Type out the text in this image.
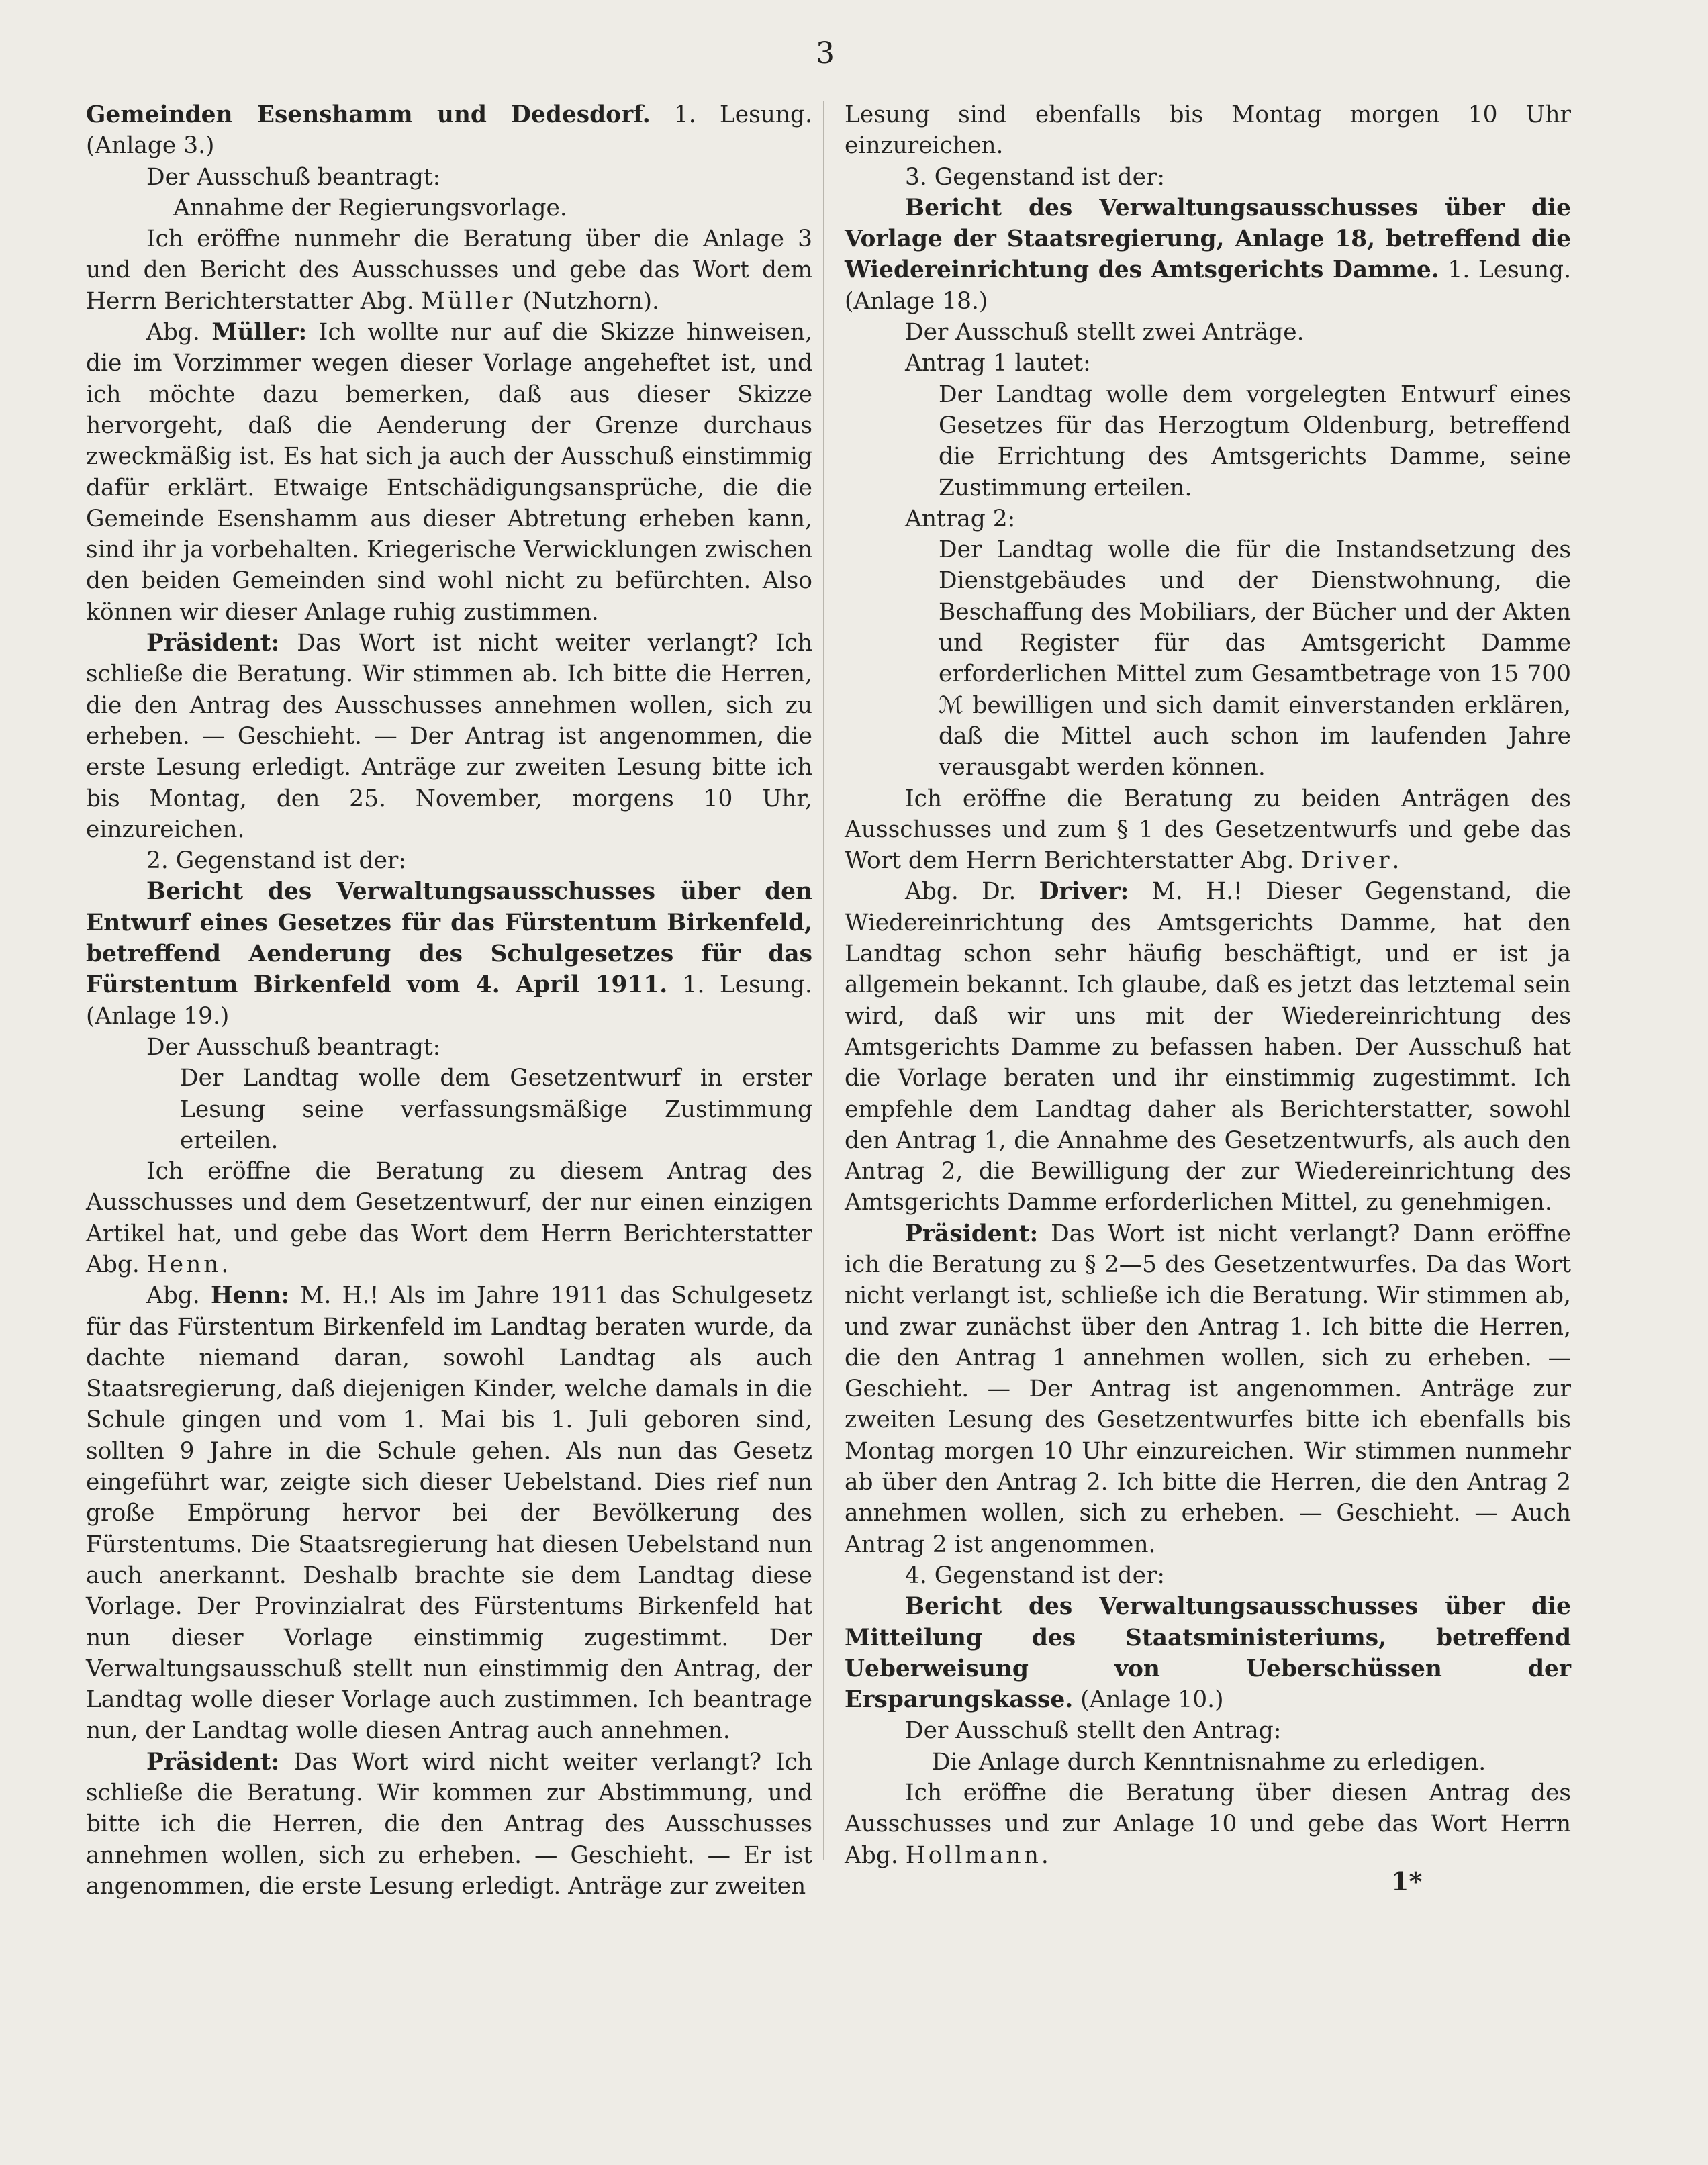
3

Gemeinden Esenshamm und Dedesdorf. 1. Lesung. (Anlage 3.)

Der Ausschuß beantragt:

Annahme der Regierungsvorlage.

Ich eröffne nunmehr die Beratung über die Anlage 3 und den Bericht des Ausschusses und gebe das Wort dem Herrn Berichterstatter Abg. Müller (Nutzhorn).

Abg. Müller: Ich wollte nur auf die Skizze hinweisen, die im Vorzimmer wegen dieser Vorlage angeheftet ist, und ich möchte dazu bemerken, daß aus dieser Skizze hervorgeht, daß die Aenderung der Grenze durchaus zweckmäßig ist. Es hat sich ja auch der Ausschuß einstimmig dafür erklärt. Etwaige Entschädigungsansprüche, die die Gemeinde Esenshamm aus dieser Abtretung erheben kann, sind ihr ja vorbehalten. Kriegerische Verwicklungen zwischen den beiden Gemeinden sind wohl nicht zu befürchten. Also können wir dieser Anlage ruhig zustimmen.

Präsident: Das Wort ist nicht weiter verlangt? Ich schließe die Beratung. Wir stimmen ab. Ich bitte die Herren, die den Antrag des Ausschusses annehmen wollen, sich zu erheben. — Geschieht. — Der Antrag ist angenommen, die erste Lesung erledigt. Anträge zur zweiten Lesung bitte ich bis Montag, den 25. November, morgens 10 Uhr, einzureichen.

2. Gegenstand ist der:

Bericht des Verwaltungsausschusses über den Entwurf eines Gesetzes für das Fürstentum Birkenfeld, betreffend Aenderung des Schulgesetzes für das Fürstentum Birkenfeld vom 4. April 1911. 1. Lesung. (Anlage 19.)

Der Ausschuß beantragt:

Der Landtag wolle dem Gesetzentwurf in erster Lesung seine verfassungsmäßige Zustimmung erteilen.

Ich eröffne die Beratung zu diesem Antrag des Ausschusses und dem Gesetzentwurf, der nur einen einzigen Artikel hat, und gebe das Wort dem Herrn Berichterstatter Abg. Henn.

Abg. Henn: M. H.! Als im Jahre 1911 das Schulgesetz für das Fürstentum Birkenfeld im Landtag beraten wurde, da dachte niemand daran, sowohl Landtag als auch Staatsregierung, daß diejenigen Kinder, welche damals in die Schule gingen und vom 1. Mai bis 1. Juli geboren sind, sollten 9 Jahre in die Schule gehen. Als nun das Gesetz eingeführt war, zeigte sich dieser Uebelstand. Dies rief nun große Empörung hervor bei der Bevölkerung des Fürstentums. Die Staatsregierung hat diesen Uebelstand nun auch anerkannt. Deshalb brachte sie dem Landtag diese Vorlage. Der Provinzialrat des Fürstentums Birkenfeld hat nun dieser Vorlage einstimmig zugestimmt. Der Verwaltungsausschuß stellt nun einstimmig den Antrag, der Landtag wolle dieser Vorlage auch zustimmen. Ich beantrage nun, der Landtag wolle diesen Antrag auch annehmen.

Präsident: Das Wort wird nicht weiter verlangt? Ich schließe die Beratung. Wir kommen zur Abstimmung, und bitte ich die Herren, die den Antrag des Ausschusses annehmen wollen, sich zu erheben. — Geschieht. — Er ist angenommen, die erste Lesung erledigt. Anträge zur zweiten

Lesung sind ebenfalls bis Montag morgen 10 Uhr einzureichen.

3. Gegenstand ist der:

Bericht des Verwaltungsausschusses über die Vorlage der Staatsregierung, Anlage 18, betreffend die Wiedereinrichtung des Amtsgerichts Damme. 1. Lesung. (Anlage 18.)

Der Ausschuß stellt zwei Anträge.

Antrag 1 lautet:

Der Landtag wolle dem vorgelegten Entwurf eines Gesetzes für das Herzogtum Oldenburg, betreffend die Errichtung des Amtsgerichts Damme, seine Zustimmung erteilen.

Antrag 2:

Der Landtag wolle die für die Instandsetzung des Dienstgebäudes und der Dienstwohnung, die Beschaffung des Mobiliars, der Bücher und der Akten und Register für das Amtsgericht Damme erforderlichen Mittel zum Gesamtbetrage von 15 700 ℳ bewilligen und sich damit einverstanden erklären, daß die Mittel auch schon im laufenden Jahre verausgabt werden können.

Ich eröffne die Beratung zu beiden Anträgen des Ausschusses und zum § 1 des Gesetzentwurfs und gebe das Wort dem Herrn Berichterstatter Abg. Driver.

Abg. Dr. Driver: M. H.! Dieser Gegenstand, die Wiedereinrichtung des Amtsgerichts Damme, hat den Landtag schon sehr häufig beschäftigt, und er ist ja allgemein bekannt. Ich glaube, daß es jetzt das letztemal sein wird, daß wir uns mit der Wiedereinrichtung des Amtsgerichts Damme zu befassen haben. Der Ausschuß hat die Vorlage beraten und ihr einstimmig zugestimmt. Ich empfehle dem Landtag daher als Berichterstatter, sowohl den Antrag 1, die Annahme des Gesetzentwurfs, als auch den Antrag 2, die Bewilligung der zur Wiedereinrichtung des Amtsgerichts Damme erforderlichen Mittel, zu genehmigen.

Präsident: Das Wort ist nicht verlangt? Dann eröffne ich die Beratung zu § 2—5 des Gesetzentwurfes. Da das Wort nicht verlangt ist, schließe ich die Beratung. Wir stimmen ab, und zwar zunächst über den Antrag 1. Ich bitte die Herren, die den Antrag 1 annehmen wollen, sich zu erheben. — Geschieht. — Der Antrag ist angenommen. Anträge zur zweiten Lesung des Gesetzentwurfes bitte ich ebenfalls bis Montag morgen 10 Uhr einzureichen. Wir stimmen nunmehr ab über den Antrag 2. Ich bitte die Herren, die den Antrag 2 annehmen wollen, sich zu erheben. — Geschieht. — Auch Antrag 2 ist angenommen.

4. Gegenstand ist der:

Bericht des Verwaltungsausschusses über die Mitteilung des Staatsministeriums, betreffend Ueberweisung von Ueberschüssen der Ersparungskasse. (Anlage 10.)

Der Ausschuß stellt den Antrag:

Die Anlage durch Kenntnisnahme zu erledigen.

Ich eröffne die Beratung über diesen Antrag des Ausschusses und zur Anlage 10 und gebe das Wort Herrn Abg. Hollmann.

1*
